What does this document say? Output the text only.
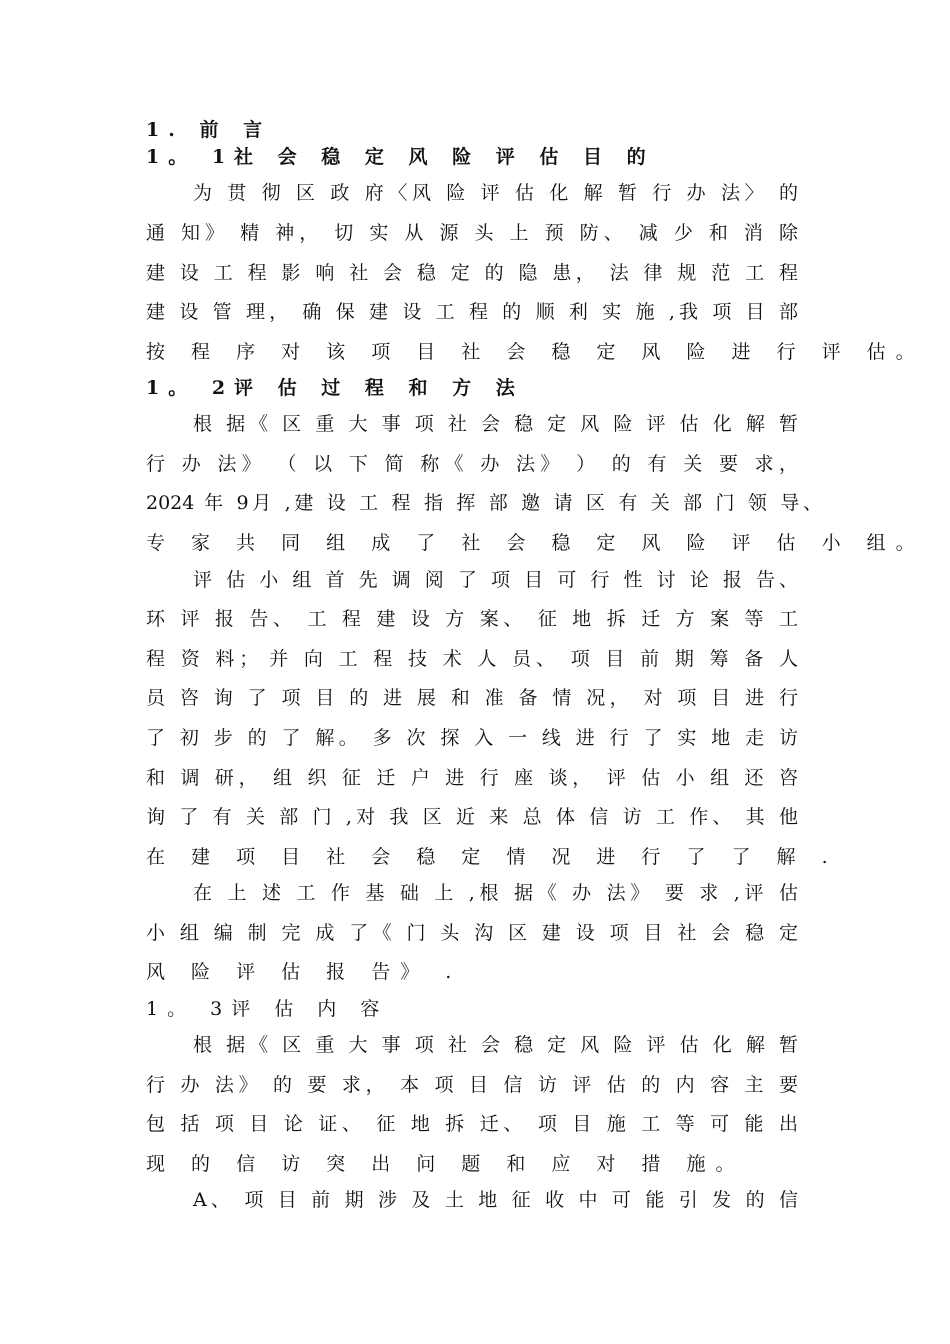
1. 前 言
1。 1社 会 稳 定 风 险 评 估 目 的
为 贯 彻 区 政 府〈风 险 评 估 化 解 暂 行 办 法〉 的
通 知》 精 神， 切 实 从 源 头 上 预 防、 减 少 和 消 除
建 设 工 程 影 响 社 会 稳 定 的 隐 患， 法 律 规 范 工 程
建 设 管 理， 确 保 建 设 工 程 的 顺 利 实 施 ,我 项 目 部
按 程 序 对 该 项 目 社 会 稳 定 风 险 进 行 评 估。
1。 2评 估 过 程 和 方 法
根 据《 区 重 大 事 项 社 会 稳 定 风 险 评 估 化 解 暂
行 办 法》 （ 以 下 简 称《 办 法》 ） 的 有 关 要 求，
2024 年 9月 ,建 设 工 程 指 挥 部 邀 请 区 有 关 部 门 领 导、
专 家 共 同 组 成 了 社 会 稳 定 风 险 评 估 小 组。
评 估 小 组 首 先 调 阅 了 项 目 可 行 性 讨 论 报 告、
环 评 报 告、 工 程 建 设 方 案、 征 地 拆 迁 方 案 等 工
程 资 料； 并 向 工 程 技 术 人 员、 项 目 前 期 筹 备 人
员 咨 询 了 项 目 的 进 展 和 准 备 情 况， 对 项 目 进 行
了 初 步 的 了 解。 多 次 探 入 一 线 进 行 了 实 地 走 访
和 调 研， 组 织 征 迁 户 进 行 座 谈， 评 估 小 组 还 咨
询 了 有 关 部 门 ,对 我 区 近 来 总 体 信 访 工 作、 其 他
在 建 项 目 社 会 稳 定 情 况 进 行 了 了 解 .
在 上 述 工 作 基 础 上 ,根 据《 办 法》 要 求 ,评 估
小 组 编 制 完 成 了《 门 头 沟 区 建 设 项 目 社 会 稳 定
风 险 评 估 报 告》 .
1。 3评 估 内 容
根 据《 区 重 大 事 项 社 会 稳 定 风 险 评 估 化 解 暂
行 办 法》 的 要 求， 本 项 目 信 访 评 估 的 内 容 主 要
包 括 项 目 论 证、 征 地 拆 迁、 项 目 施 工 等 可 能 出
现 的 信 访 突 出 问 题 和 应 对 措 施。
A、 项 目 前 期 涉 及 土 地 征 收 中 可 能 引 发 的 信
